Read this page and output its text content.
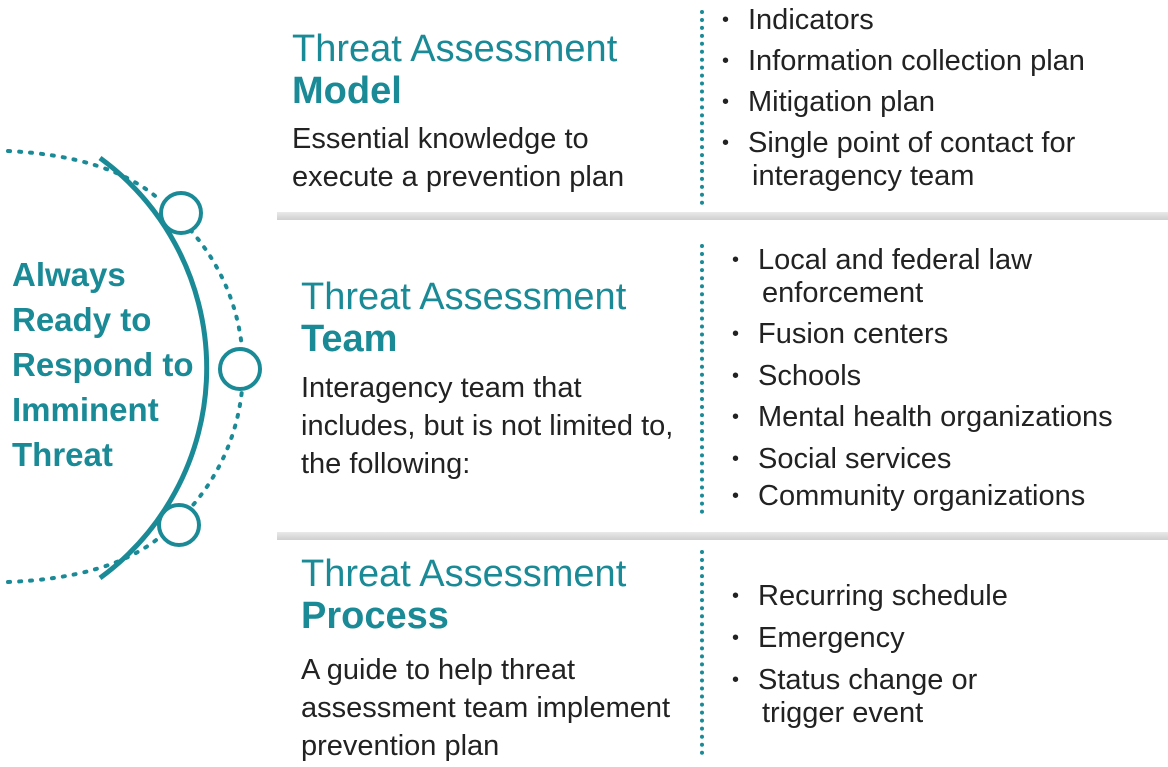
Always
Ready to
Respond to
Imminent
Threat
Threat Assessment
Model
Essential knowledge to execute a prevention plan
• Indicators
• Information collection plan
• Mitigation plan
• Single point of contact for
interagency team
Threat Assessment
Team
Interagency team that includes, but is not limited to, the following:
• Local and federal law
enforcement
• Fusion centers
• Schools
• Mental health organizations
• Social services
• Community organizations
Threat Assessment
Process
A guide to help threat assessment team implement prevention plan
• Recurring schedule
• Emergency
• Status change or
trigger event
